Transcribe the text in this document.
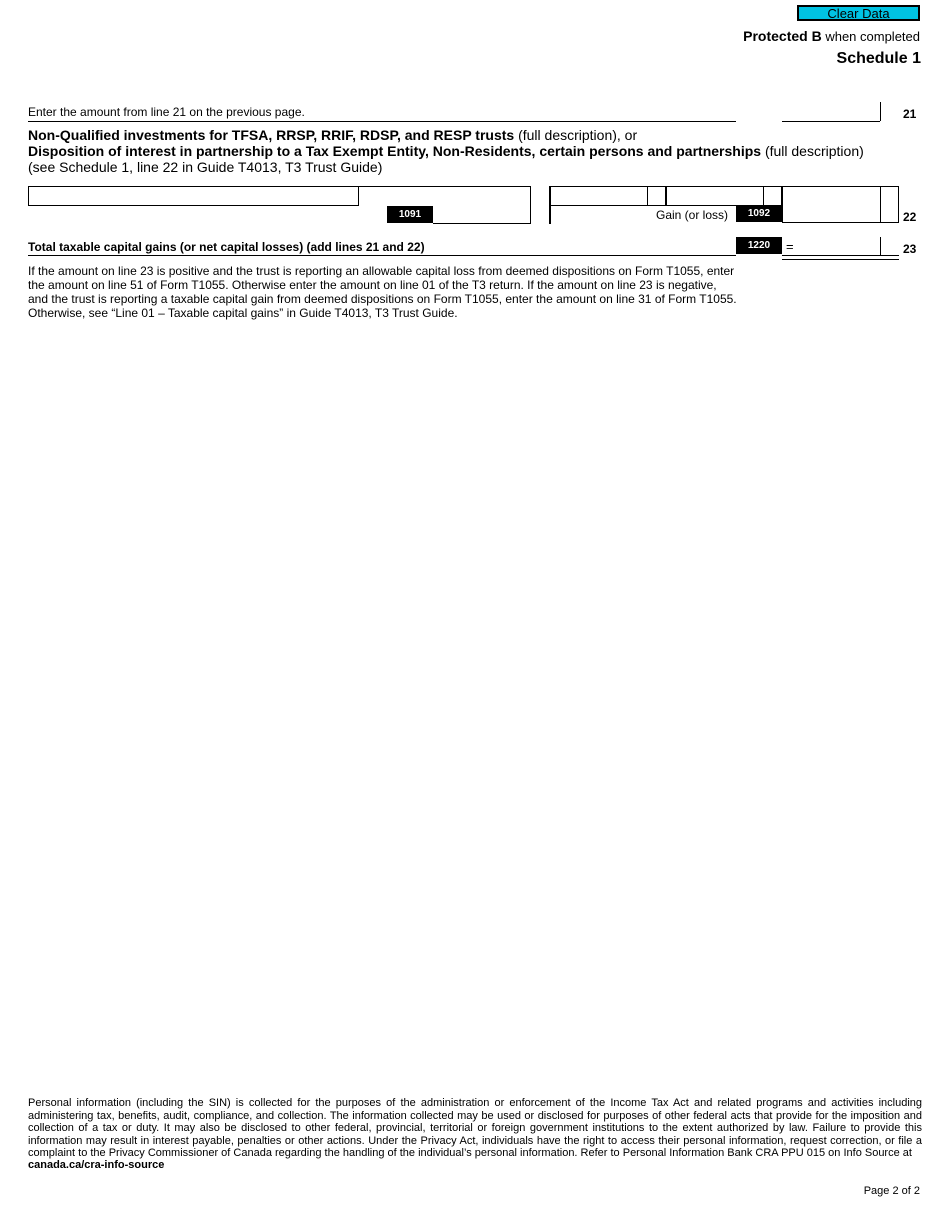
Clear Data
Protected B when completed
Schedule 1
Enter the amount from line 21 on the previous page.	21
Non-Qualified investments for TFSA, RRSP, RRIF, RDSP, and RESP trusts (full description), or
Disposition of interest in partnership to a Tax Exempt Entity, Non-Residents, certain persons and partnerships (full description)
(see Schedule 1, line 22 in Guide T4013, T3 Trust Guide)
1091	Gain (or loss)	1092	22
Total taxable capital gains (or net capital losses) (add lines 21 and 22)	1220	=	23
If the amount on line 23 is positive and the trust is reporting an allowable capital loss from deemed dispositions on Form T1055, enter the amount on line 51 of Form T1055. Otherwise enter the amount on line 01 of the T3 return. If the amount on line 23 is negative, and the trust is reporting a taxable capital gain from deemed dispositions on Form T1055, enter the amount on line 31 of Form T1055. Otherwise, see “Line 01 – Taxable capital gains” in Guide T4013, T3 Trust Guide.
Personal information (including the SIN) is collected for the purposes of the administration or enforcement of the Income Tax Act and related programs and activities including administering tax, benefits, audit, compliance, and collection. The information collected may be used or disclosed for purposes of other federal acts that provide for the imposition and collection of a tax or duty. It may also be disclosed to other federal, provincial, territorial or foreign government institutions to the extent authorized by law. Failure to provide this information may result in interest payable, penalties or other actions. Under the Privacy Act, individuals have the right to access their personal information, request correction, or file a complaint to the Privacy Commissioner of Canada regarding the handling of the individual’s personal information. Refer to Personal Information Bank CRA PPU 015 on Info Source at
canada.ca/cra-info-source
Page 2 of 2
